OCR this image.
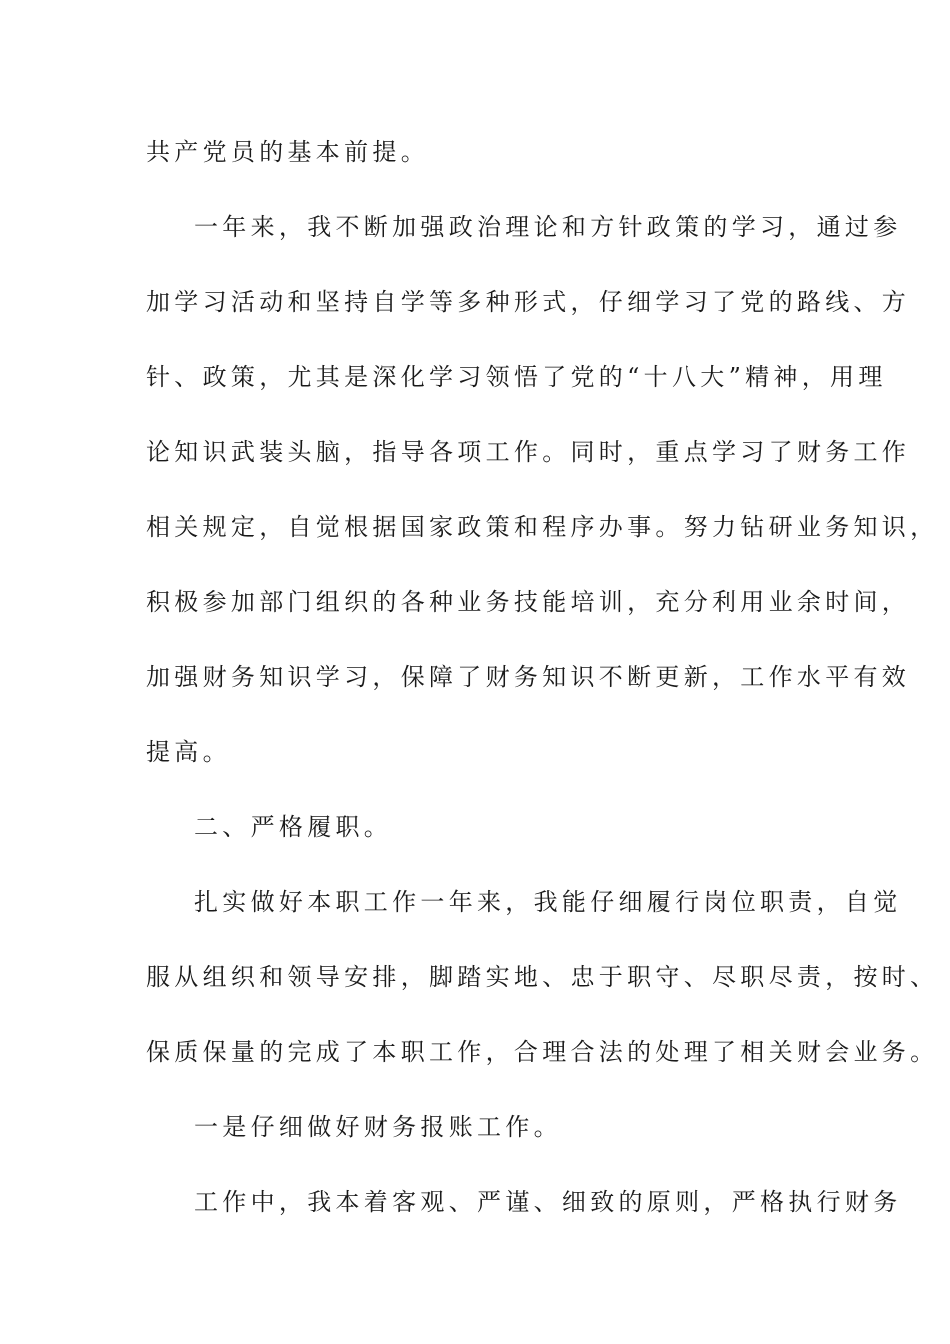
共产党员的基本前提。

一年来，我不断加强政治理论和方针政策的学习，通过参

加学习活动和坚持自学等多种形式，仔细学习了党的路线、方

针、政策，尤其是深化学习领悟了党的“十八大”精神，用理

论知识武装头脑，指导各项工作。同时，重点学习了财务工作

相关规定，自觉根据国家政策和程序办事。努力钻研业务知识，

积极参加部门组织的各种业务技能培训，充分利用业余时间，

加强财务知识学习，保障了财务知识不断更新，工作水平有效

提高。

二、严格履职。

扎实做好本职工作一年来，我能仔细履行岗位职责，自觉

服从组织和领导安排，脚踏实地、忠于职守、尽职尽责，按时、

保质保量的完成了本职工作，合理合法的处理了相关财会业务。

一是仔细做好财务报账工作。

工作中，我本着客观、严谨、细致的原则，严格执行财务
